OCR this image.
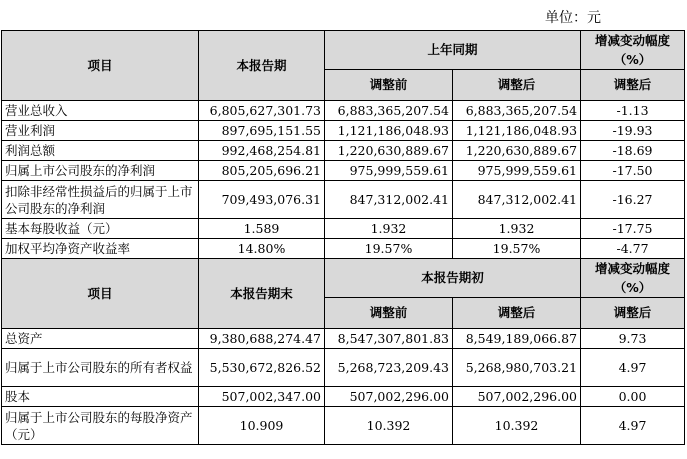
单位：元
项目	本报告期	上年同期		增减变动幅度（%）
		调整前	调整后	调整后
营业总收入	6,805,627,301.73	6,883,365,207.54	6,883,365,207.54	-1.13
营业利润	897,695,151.55	1,121,186,048.93	1,121,186,048.93	-19.93
利润总额	992,468,254.81	1,220,630,889.67	1,220,630,889.67	-18.69
归属上市公司股东的净利润	805,205,696.21	975,999,559.61	975,999,559.61	-17.50
扣除非经常性损益后的归属于上市公司股东的净利润	709,493,076.31	847,312,002.41	847,312,002.41	-16.27
基本每股收益（元）	1.589	1.932	1.932	-17.75
加权平均净资产收益率	14.80%	19.57%	19.57%	-4.77
项目	本报告期末	本报告期初		增减变动幅度（%）
		调整前	调整后	调整后
总资产	9,380,688,274.47	8,547,307,801.83	8,549,189,066.87	9.73
归属于上市公司股东的所有者权益	5,530,672,826.52	5,268,723,209.43	5,268,980,703.21	4.97
股本	507,002,347.00	507,002,296.00	507,002,296.00	0.00
归属于上市公司股东的每股净资产（元）	10.909	10.392	10.392	4.97
